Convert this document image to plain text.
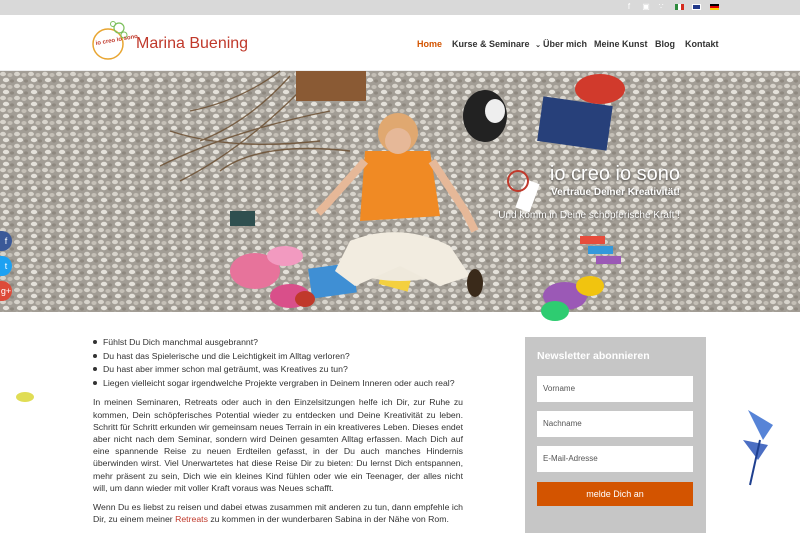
f	▣	∵
io creo io sono
Marina Buening	Home Kurse & Seminare ⌄ Über mich Meine Kunst Blog Kontakt
io creo io sono
Vertraue Deiner Kreativität!
Und komm in Deine schöpferische Kraft !
f
t
g+
Fühlst Du Dich manchmal ausgebrannt?
Du hast das Spielerische und die Leichtigkeit im Alltag verloren?
Du hast aber immer schon mal geträumt, was Kreatives zu tun?
Liegen vielleicht sogar irgendwelche Projekte vergraben in Deinem Inneren oder auch real?

In meinen Seminaren, Retreats oder auch in den Einzelsitzungen helfe ich Dir, zur Ruhe zu kommen, Dein schöpferisches Potential wieder zu entdecken und Deine Kreativität zu leben. Schritt für Schritt erkunden wir gemeinsam neues Terrain in ein kreativeres Leben. Dieses endet aber nicht nach dem Seminar, sondern wird Deinen gesamten Alltag erfassen. Mach Dich auf eine spannende Reise zu neuen Erdteilen gefasst, in der Du auch manches Hindernis überwinden wirst. Viel Unerwartetes hat diese Reise Dir zu bieten: Du lernst Dich entspannen, mehr präsent zu sein, Dich wie ein kleines Kind fühlen oder wie ein Teenager, der alles nicht will, um dann wieder mit voller Kraft voraus was Neues schafft.

Wenn Du es liebst zu reisen und dabei etwas zusammen mit anderen zu tun, dann empfehle ich Dir, zu einem meiner Retreats zu kommen in der wunderbaren Sabina in der Nähe von Rom.

Newsletter abonnieren
Vorname
Nachname
E-Mail-Adresse
melde Dich an
